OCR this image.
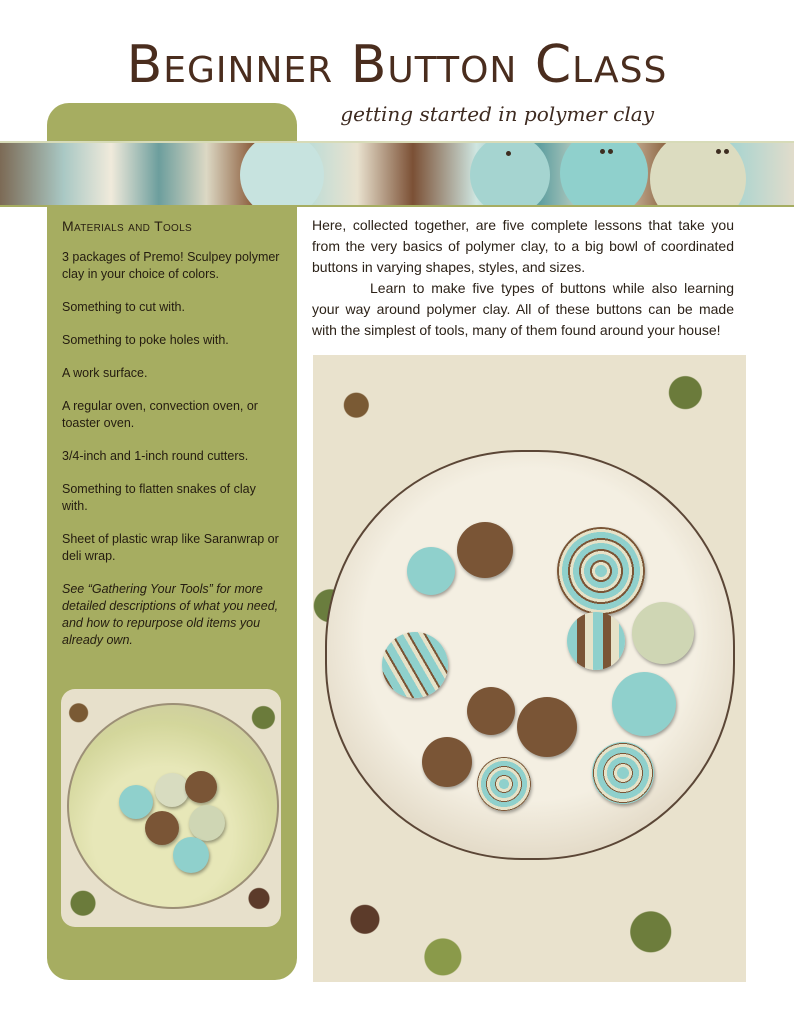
Beginner Button Class
getting started in polymer clay
Materials and Tools

3 packages of Premo! Sculpey polymer clay in your choice of colors.

Something to cut with.

Something to poke holes with.

A work surface.

A regular oven, convection oven, or toaster oven.

3/4-inch and 1-inch round cutters.

Something to flatten snakes of clay with.

Sheet of plastic wrap like Saranwrap or deli wrap.

See “Gathering Your Tools” for more detailed descriptions of what you need, and how to repurpose old items you already own.

Here, collected together, are five complete lessons that take you from the very basics of polymer clay, to a big bowl of coordinated buttons in varying shapes, styles, and sizes.

Learn to make five types of buttons while also learning your way around polymer clay. All of these buttons can be made with the simplest of tools, many of them found around your house!
